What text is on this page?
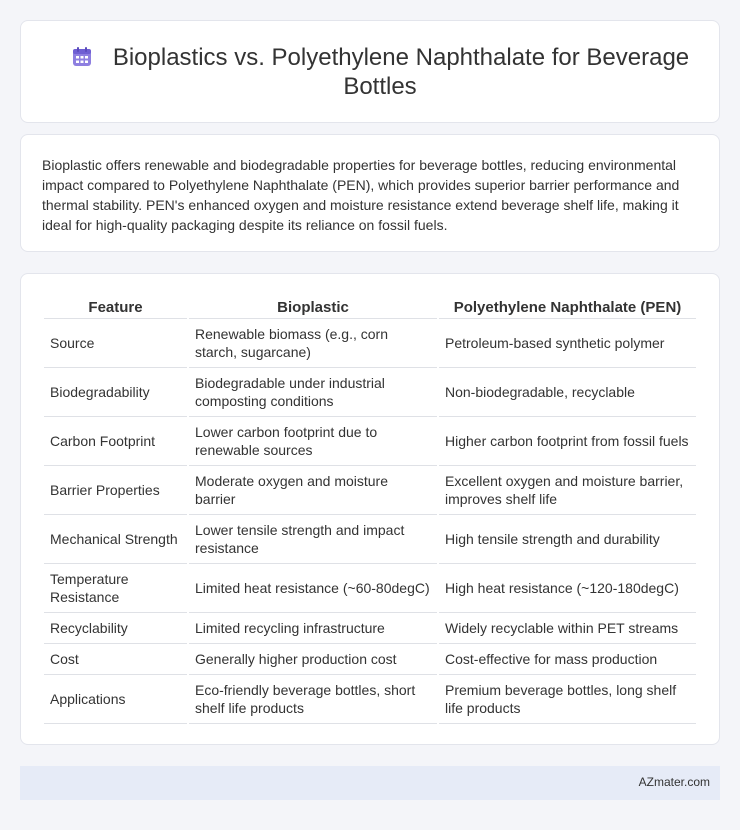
Bioplastics vs. Polyethylene Naphthalate for Beverage Bottles

Bioplastic offers renewable and biodegradable properties for beverage bottles, reducing environmental impact compared to Polyethylene Naphthalate (PEN), which provides superior barrier performance and thermal stability. PEN's enhanced oxygen and moisture resistance extend beverage shelf life, making it ideal for high-quality packaging despite its reliance on fossil fuels.

Feature	Bioplastic	Polyethylene Naphthalate (PEN)
Source	Renewable biomass (e.g., corn starch, sugarcane)	Petroleum-based synthetic polymer
Biodegradability	Biodegradable under industrial composting conditions	Non-biodegradable, recyclable
Carbon Footprint	Lower carbon footprint due to renewable sources	Higher carbon footprint from fossil fuels
Barrier Properties	Moderate oxygen and moisture barrier	Excellent oxygen and moisture barrier, improves shelf life
Mechanical Strength	Lower tensile strength and impact resistance	High tensile strength and durability
Temperature Resistance	Limited heat resistance (~60-80degC)	High heat resistance (~120-180degC)
Recyclability	Limited recycling infrastructure	Widely recyclable within PET streams
Cost	Generally higher production cost	Cost-effective for mass production
Applications	Eco-friendly beverage bottles, short shelf life products	Premium beverage bottles, long shelf life products
AZmater.com
